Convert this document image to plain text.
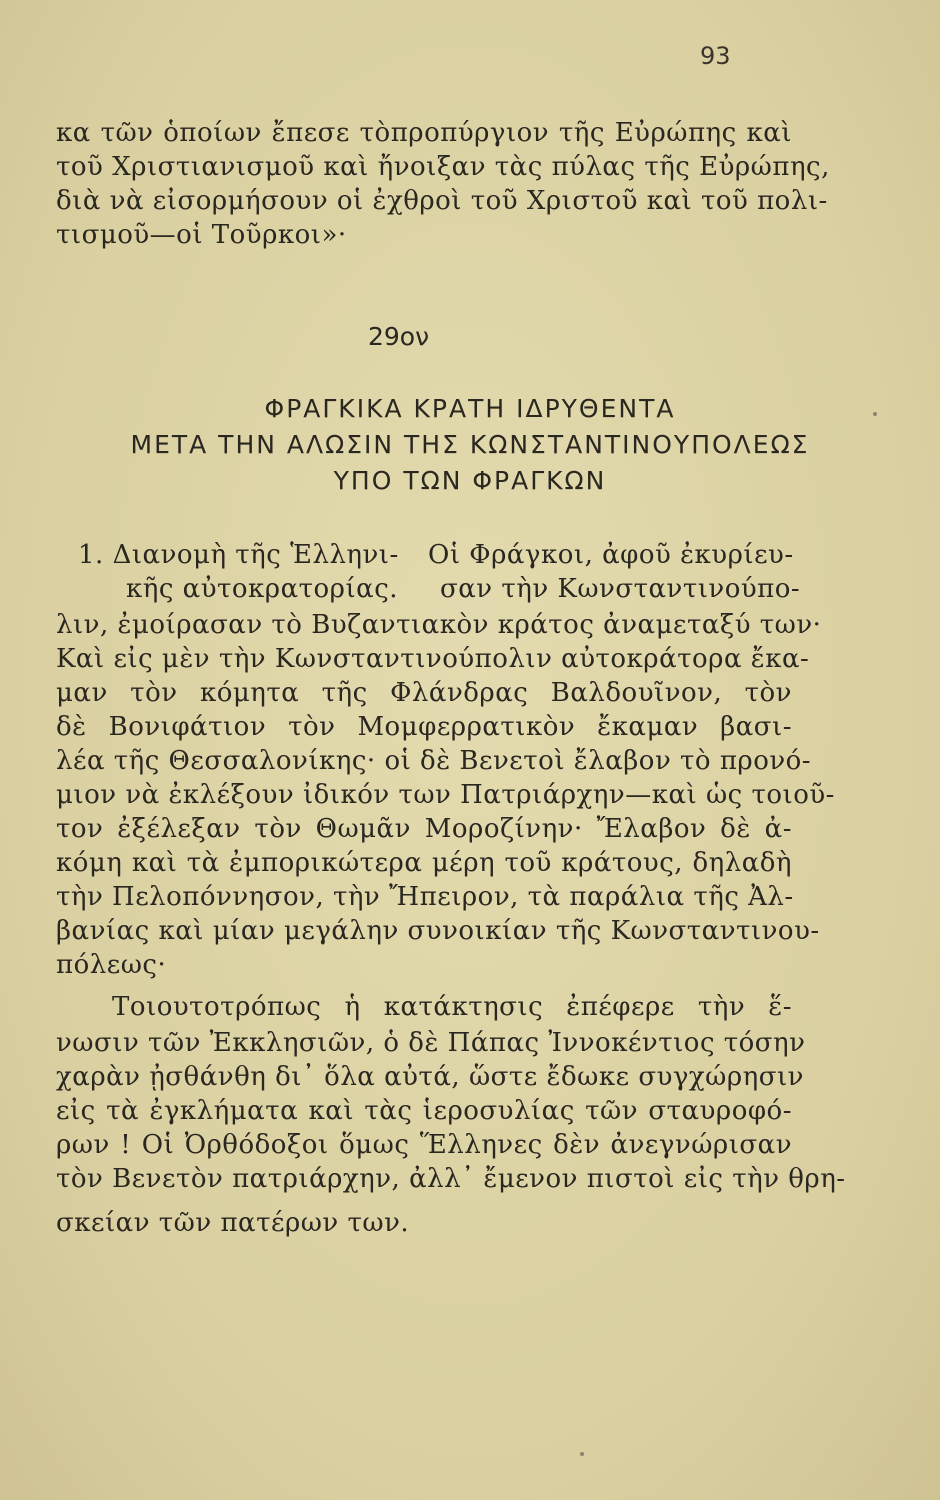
93
κα τῶν ὁποίων ἔπεσε τὸπροπύργιον τῆς Εὐρώπης καὶ
τοῦ Χριστιανισμοῦ καὶ ἤνοιξαν τὰς πύλας τῆς Εὐρώπης,
διὰ νὰ εἰσορμήσουν οἱ ἐχθροὶ τοῦ Χριστοῦ καὶ τοῦ πολι-
τισμοῦ—οἱ Τοῦρκοι»·
29ον
ΦΡΑΓΚΙΚΑ ΚΡΑΤΗ ΙΔΡΥΘΕΝΤΑ
ΜΕΤΑ ΤΗΝ ΑΛΩΣΙΝ ΤΗΣ ΚΩΝΣΤΑΝΤΙΝΟΥΠΟΛΕΩΣ
ΥΠΟ ΤΩΝ ΦΡΑΓΚΩΝ
1. Διανομὴ τῆς Ἑλληνι-	Οἱ Φράγκοι, ἀφοῦ ἐκυρίευ-
κῆς αὐτοκρατορίας.	σαν τὴν Κωνσταντινούπο-
λιν, ἐμοίρασαν τὸ Βυζαντιακὸν κράτος ἀναμεταξύ των·
Καὶ εἰς μὲν τὴν Κωνσταντινούπολιν αὐτοκράτορα ἔκα-
μαν τὸν κόμητα τῆς Φλάνδρας Βαλδουῖνον, τὸν
δὲ Βονιφάτιον τὸν Μομφερρατικὸν ἔκαμαν βασι-
λέα τῆς Θεσσαλονίκης· οἱ δὲ Βενετοὶ ἔλαβον τὸ προνό-
μιον νὰ ἐκλέξουν ἰδικόν των Πατριάρχην—καὶ ὡς τοιοῦ-
τον ἐξέλεξαν τὸν Θωμᾶν Μοροζίνην· Ἔλαβον δὲ ἀ-
κόμη καὶ τὰ ἐμπορικώτερα μέρη τοῦ κράτους, δηλαδὴ
τὴν Πελοπόννησον, τὴν Ἤπειρον, τὰ παράλια τῆς Ἀλ-
βανίας καὶ μίαν μεγάλην συνοικίαν τῆς Κωνσταντινου-
πόλεως·
Τοιουτοτρόπως ἡ κατάκτησις ἐπέφερε τὴν ἕ-
νωσιν τῶν Ἐκκλησιῶν, ὁ δὲ Πάπας Ἰννοκέντιος τόσην
χαρὰν ᾐσθάνθη δι᾽ ὅλα αὐτά, ὥστε ἔδωκε συγχώρησιν
εἰς τὰ ἐγκλήματα καὶ τὰς ἱεροσυλίας τῶν σταυροφό-
ρων ! Οἱ Ὀρθόδοξοι ὅμως Ἕλληνες δὲν ἀνεγνώρισαν
τὸν Βενετὸν πατριάρχην, ἀλλ᾽ ἔμενον πιστοὶ εἰς τὴν θρη-
σκείαν τῶν πατέρων των.
